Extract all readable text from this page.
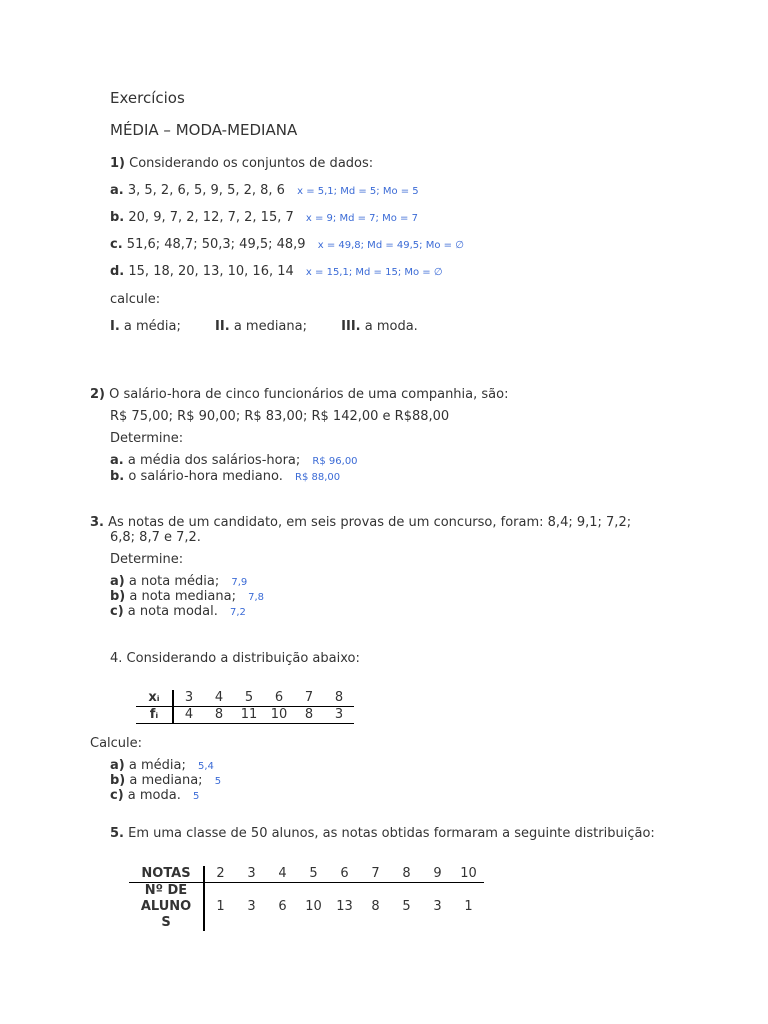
Exercícios
MÉDIA – MODA-MEDIANA
1) Considerando os conjuntos de dados:
a. 3, 5, 2, 6, 5, 9, 5, 2, 8, 6 x = 5,1; Md = 5; Mo = 5
b. 20, 9, 7, 2, 12, 7, 2, 15, 7 x = 9; Md = 7; Mo = 7
c. 51,6; 48,7; 50,3; 49,5; 48,9 x = 49,8; Md = 49,5; Mo = ∅
d. 15, 18, 20, 13, 10, 16, 14 x = 15,1; Md = 15; Mo = ∅
calcule:
I. a média;	II. a mediana;	III. a moda.
2) O salário-hora de cinco funcionários de uma companhia, são:
R$ 75,00; R$ 90,00; R$ 83,00; R$ 142,00 e R$88,00
Determine:
a. a média dos salários-hora; R$ 96,00
b. o salário-hora mediano. R$ 88,00
3. As notas de um candidato, em seis provas de um concurso, foram: 8,4; 9,1; 7,2;
6,8; 8,7 e 7,2.
Determine:
a) a nota média; 7,9
b) a nota mediana; 7,8
c) a nota modal. 7,2
4. Considerando a distribuição abaixo:
xᵢ	3	4	5	6	7	8
fᵢ	4	8	11	10	8	3
Calcule:
a) a média; 5,4
b) a mediana; 5
c) a moda. 5
5. Em uma classe de 50 alunos, as notas obtidas formaram a seguinte distribuição:
NOTAS	2	3	4	5	6	7	8	9	10

Nº DE
ALUNO
S	1	3	6	10	13	8	5	3	1
